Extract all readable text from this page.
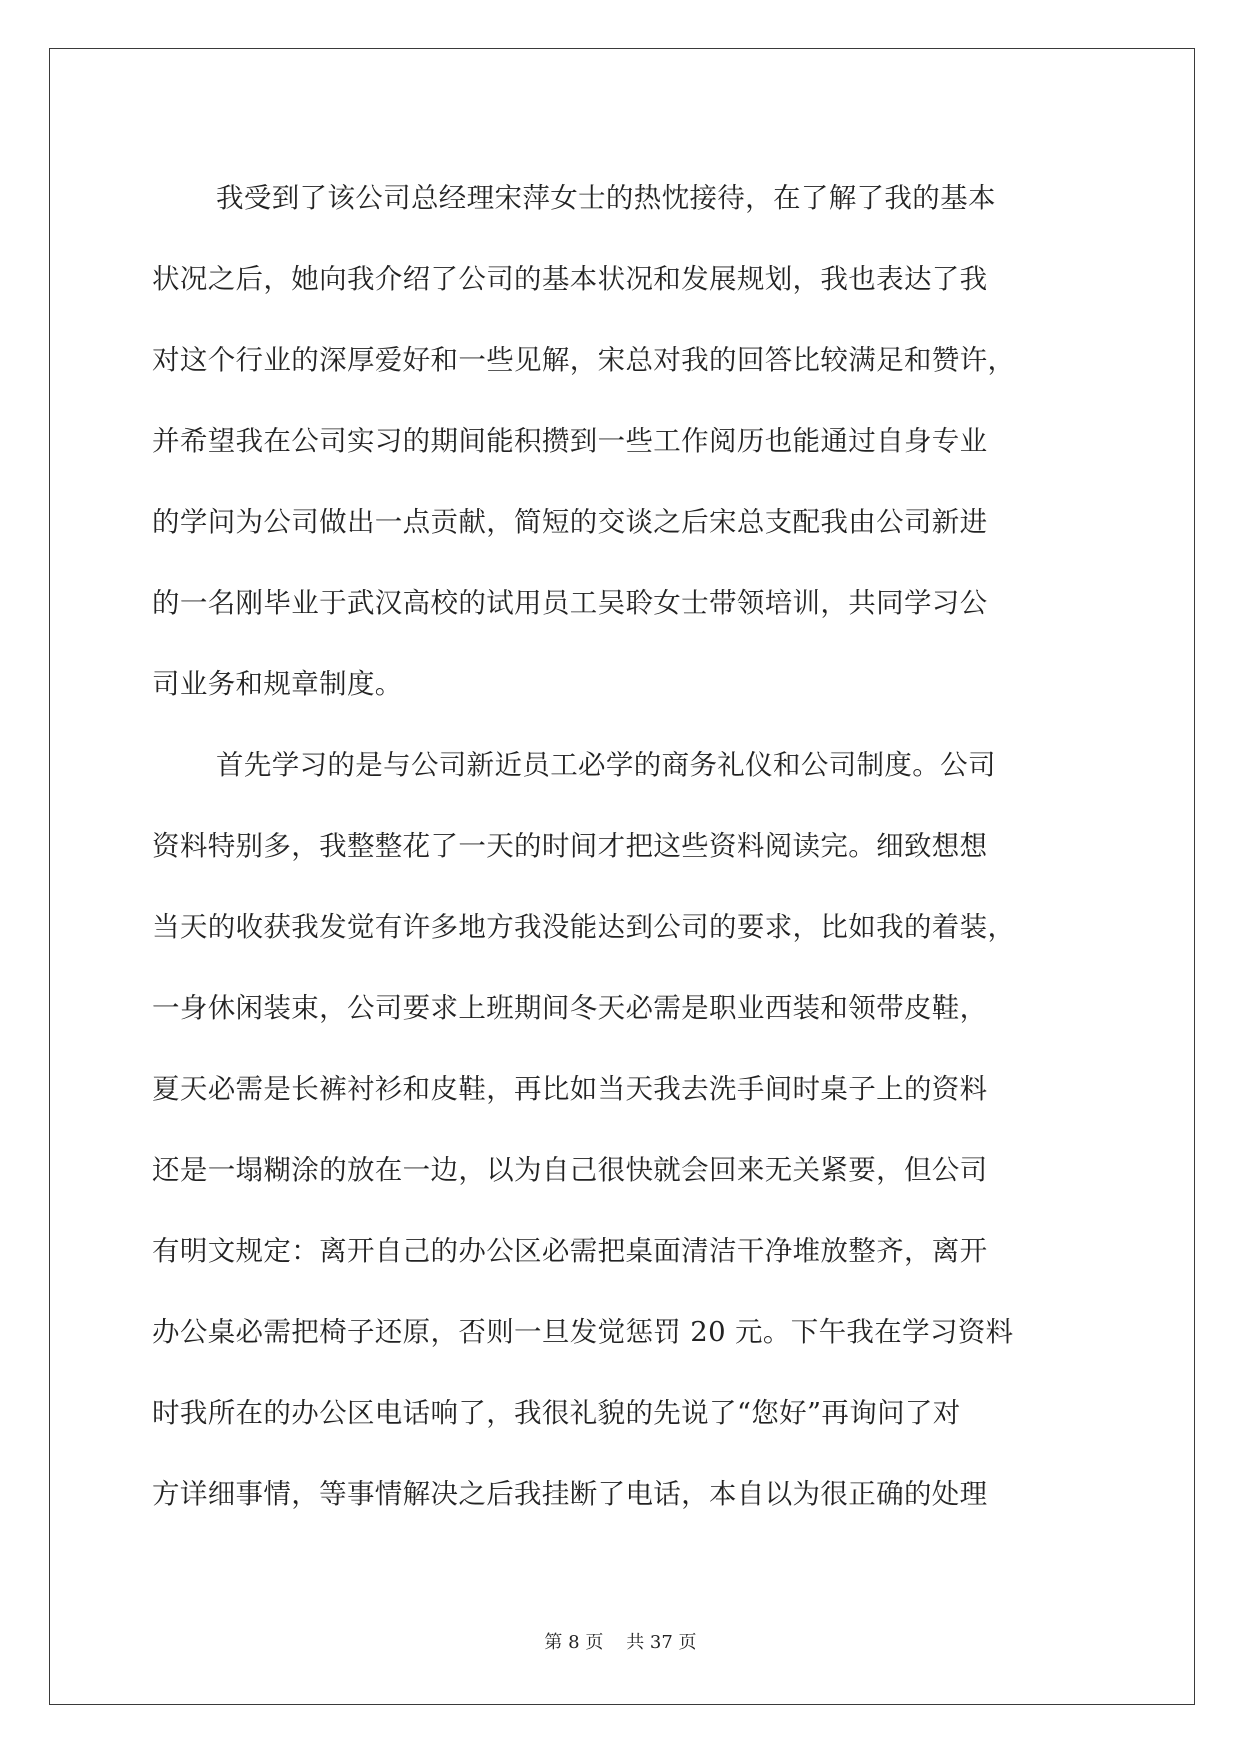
我受到了该公司总经理宋萍女士的热忱接待，在了解了我的基本
状况之后，她向我介绍了公司的基本状况和发展规划，我也表达了我
对这个行业的深厚爱好和一些见解，宋总对我的回答比较满足和赞许，
并希望我在公司实习的期间能积攒到一些工作阅历也能通过自身专业
的学问为公司做出一点贡献，简短的交谈之后宋总支配我由公司新进
的一名刚毕业于武汉高校的试用员工吴聆女士带领培训，共同学习公
司业务和规章制度。
首先学习的是与公司新近员工必学的商务礼仪和公司制度。公司
资料特别多，我整整花了一天的时间才把这些资料阅读完。细致想想
当天的收获我发觉有许多地方我没能达到公司的要求，比如我的着装，
一身休闲装束，公司要求上班期间冬天必需是职业西装和领带皮鞋，
夏天必需是长裤衬衫和皮鞋，再比如当天我去洗手间时桌子上的资料
还是一塌糊涂的放在一边，以为自己很快就会回来无关紧要，但公司
有明文规定：离开自己的办公区必需把桌面清洁干净堆放整齐，离开
办公桌必需把椅子还原，否则一旦发觉惩罚 20 元。下午我在学习资料
时我所在的办公区电话响了，我很礼貌的先说了“您好”再询问了对
方详细事情，等事情解决之后我挂断了电话，本自以为很正确的处理
第 8 页    共 37 页
